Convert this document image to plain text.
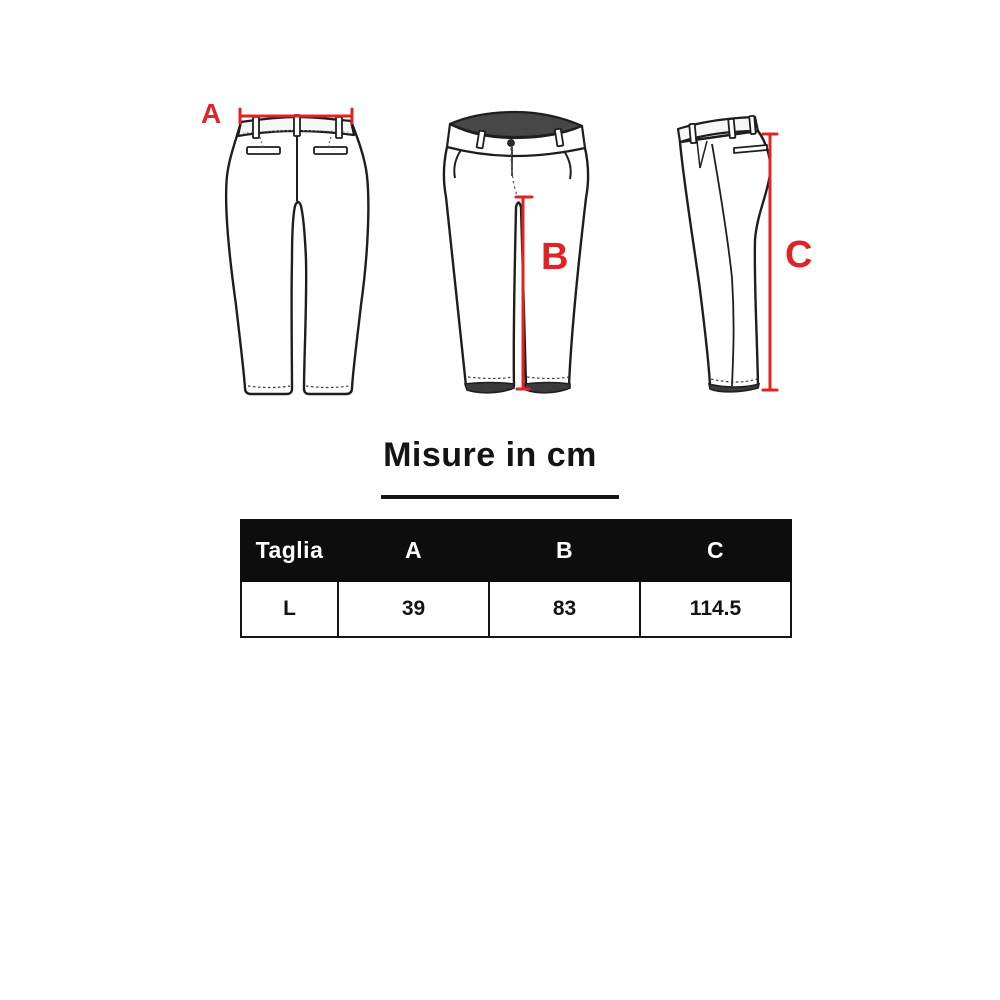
A
B	C
Misure in cm
Taglia	A	B	C
L	39	83	114.5
